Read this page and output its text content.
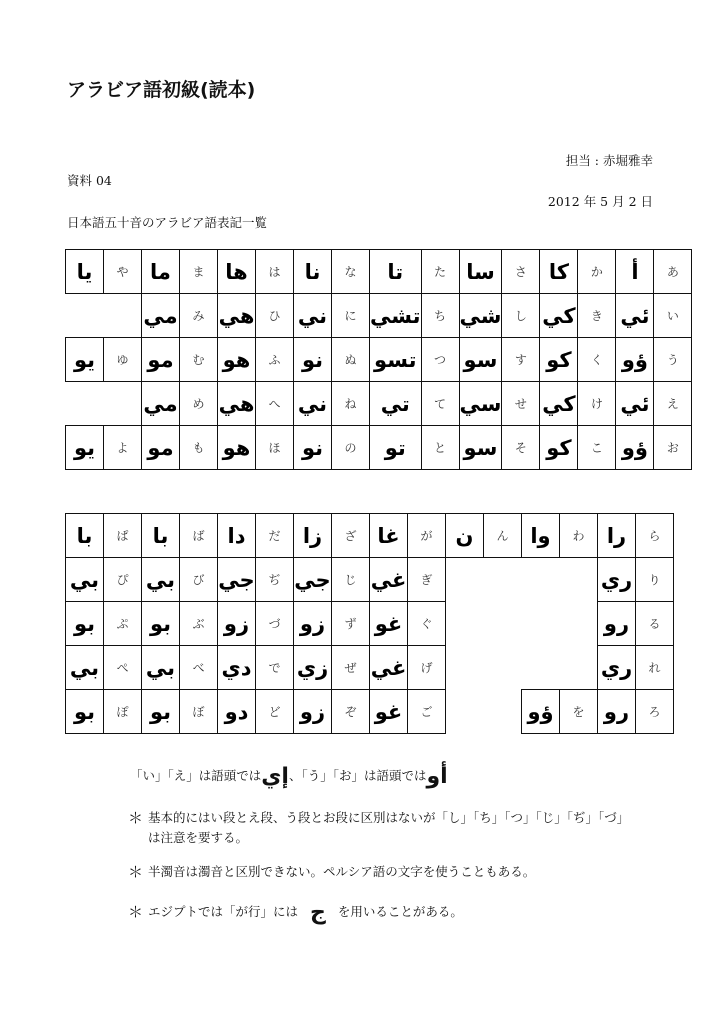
アラビア語初級(読本)
担当 : 赤堀雅幸
資料 04
2012 年 5 月 2 日
日本語五十音のアラビア語表記一覧
يا	や	ما	ま	ها	は	نا	な	تا	た	سا	さ	كا	か	أ	あ
		مي	み	هي	ひ	ني	に	تشي	ち	شي	し	كي	き	ئي	い
يو	ゆ	مو	む	هو	ふ	نو	ぬ	تسو	つ	سو	す	كو	く	ؤو	う
		مي	め	هي	へ	ني	ね	تي	て	سي	せ	كي	け	ئي	え
يو	よ	مو	も	هو	ほ	نو	の	تو	と	سو	そ	كو	こ	ؤو	お
با	ぱ	با	ば	دا	だ	زا	ざ	غا	が	ن	ん	وا	わ	را	ら
بي	ぴ	بي	び	جي	ぢ	جي	じ	غي	ぎ					ري	り
بو	ぷ	بو	ぶ	زو	づ	زو	ず	غو	ぐ					رو	る
بي	ぺ	بي	べ	دي	で	زي	ぜ	غي	げ					ري	れ
بو	ぽ	بو	ぼ	دو	ど	زو	ぞ	غو	ご			ؤو	を	رو	ろ
「い」「え」は語頭ではإي、「う」「お」は語頭ではأو
＊ 基本的にはい段とえ段、う段とお段に区別はないが「し」「ち」「つ」「じ」「ぢ」「づ」
は注意を要する。
＊ 半濁音は濁音と区別できない。ペルシア語の文字を使うこともある。
＊ エジプトでは「が行」には ج を用いることがある。
